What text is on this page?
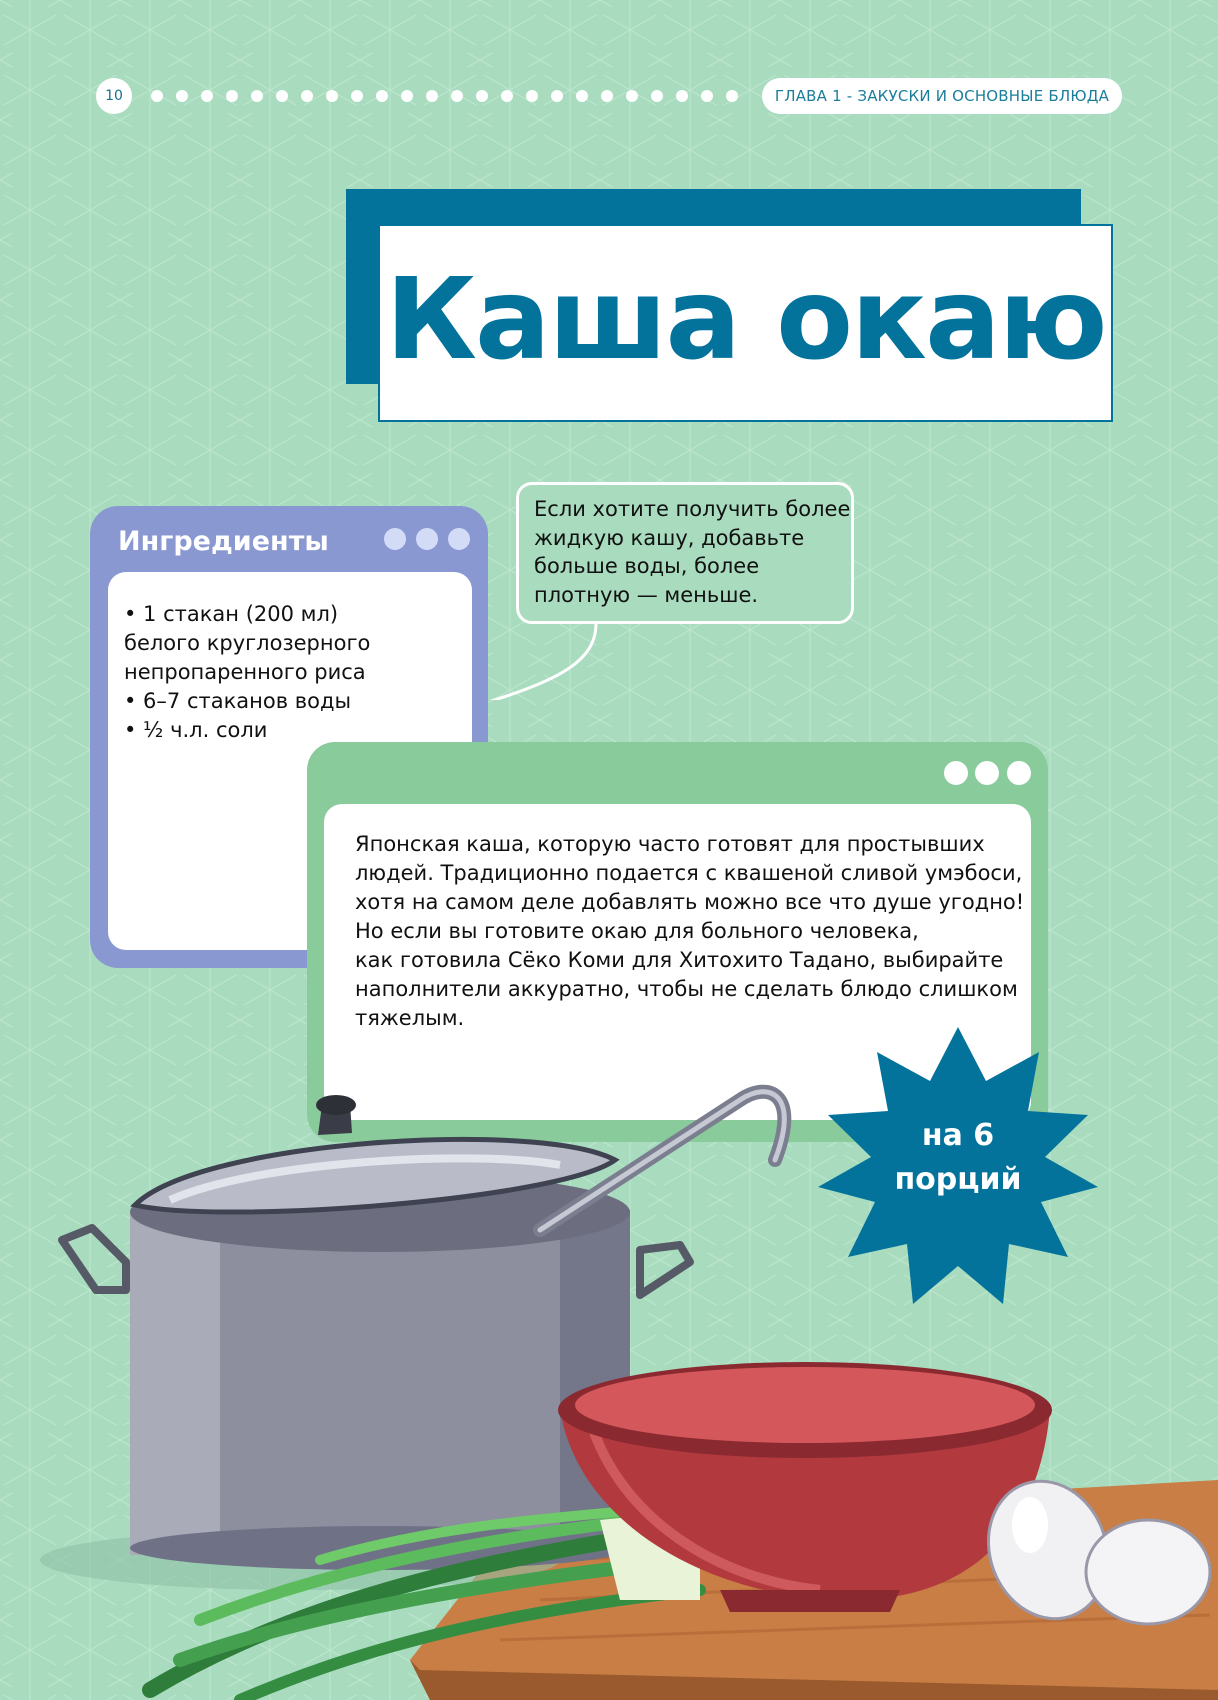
10	ГЛАВА 1 - ЗАКУСКИ И ОСНОВНЫЕ БЛЮДА
Каша окаю
Ингредиенты
• 1 стакан (200 мл)
белого круглозерного
непропаренного риса
• 6–7 стаканов воды
• ½ ч.л. соли
Если хотите получить более
жидкую кашу, добавьте
больше воды, более
плотную — меньше.
Японская каша, которую часто готовят для простывших
людей. Традиционно подается с квашеной сливой умэбоси,
хотя на самом деле добавлять можно все что душе угодно!
Но если вы готовите окаю для больного человека,
как готовила Сёко Коми для Хитохито Тадано, выбирайте
наполнители аккуратно, чтобы не сделать блюдо слишком
тяжелым.
на 6
порций
